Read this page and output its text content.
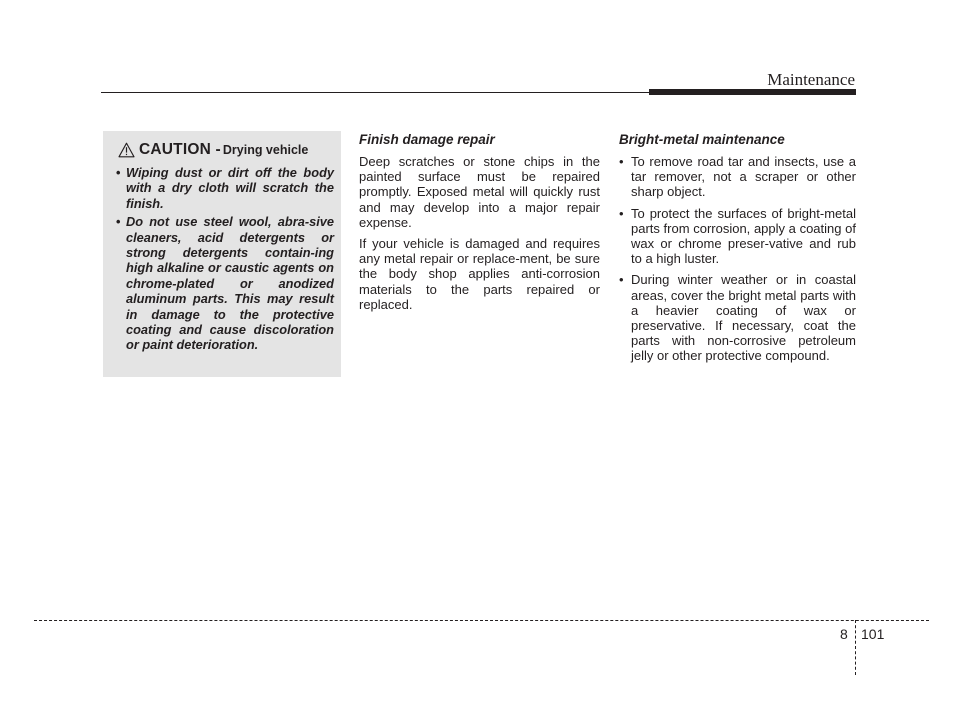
Maintenance
CAUTION - Drying vehicle
• Wiping dust or dirt off the body with a dry cloth will scratch the finish.
• Do not use steel wool, abra-sive cleaners, acid detergents or strong detergents contain-ing high alkaline or caustic agents on chrome-plated or anodized aluminum parts. This may result in damage to the protective coating and cause discoloration or paint deterioration.
Finish damage repair

Deep scratches or stone chips in the painted surface must be repaired promptly. Exposed metal will quickly rust and may develop into a major repair expense.

If your vehicle is damaged and requires any metal repair or replace-ment, be sure the body shop applies anti-corrosion materials to the parts repaired or replaced.

Bright-metal maintenance
• To remove road tar and insects, use a tar remover, not a scraper or other sharp object.
• To protect the surfaces of bright-metal parts from corrosion, apply a coating of wax or chrome preser-vative and rub to a high luster.
• During winter weather or in coastal areas, cover the bright metal parts with a heavier coating of wax or preservative. If necessary, coat the parts with non-corrosive petroleum jelly or other protective compound.
8 101
